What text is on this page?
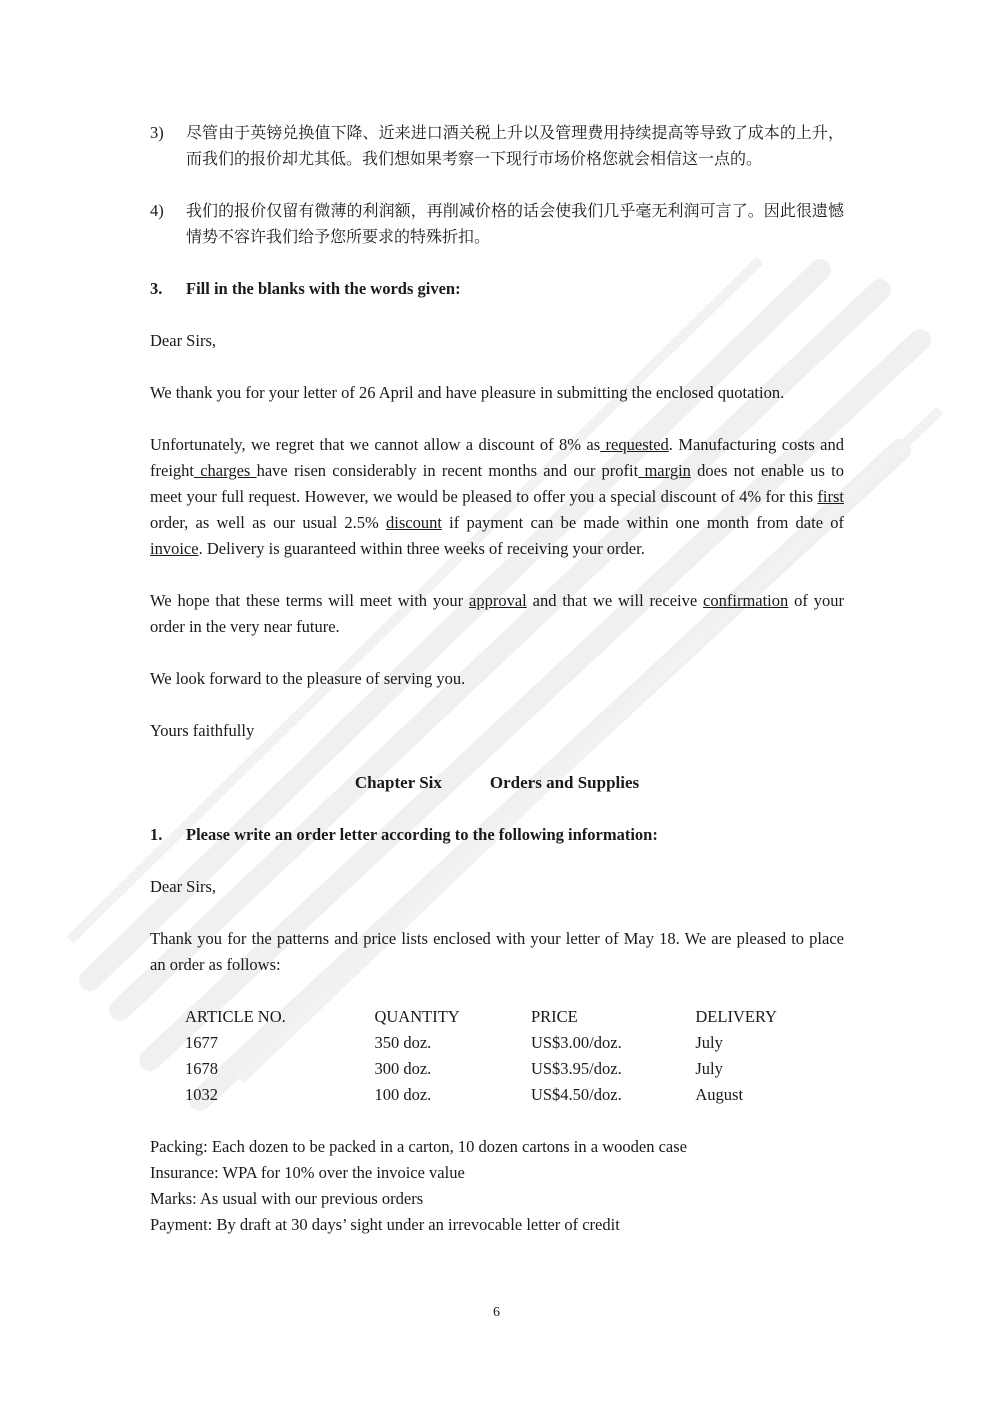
3)	尽管由于英镑兑换值下降、近来进口酒关税上升以及管理费用持续提高等导致了成本的上升，而我们的报价却尤其低。我们想如果考察一下现行市场价格您就会相信这一点的。
4)	我们的报价仅留有微薄的利润额，再削减价格的话会使我们几乎毫无利润可言了。因此很遗憾情势不容许我们给予您所要求的特殊折扣。
3.	Fill in the blanks with the words given:

Dear Sirs,

We thank you for your letter of 26 April and have pleasure in submitting the enclosed quotation.

Unfortunately, we regret that we cannot allow a discount of 8% as requested. Manufacturing costs and freight charges have risen considerably in recent months and our profit margin does not enable us to meet your full request. However, we would be pleased to offer you a special discount of 4% for this first order, as well as our usual 2.5% discount if payment can be made within one month from date of invoice. Delivery is guaranteed within three weeks of receiving your order.

We hope that these terms will meet with your approval and that we will receive confirmation of your order in the very near future.

We look forward to the pleasure of serving you.

Yours faithfully

Chapter Six	Orders and Supplies
1.	Please write an order letter according to the following information:

Dear Sirs,

Thank you for the patterns and price lists enclosed with your letter of May 18. We are pleased to place an order as follows:

ARTICLE NO.	QUANTITY	PRICE	DELIVERY
1677	350 doz.	US$3.00/doz.	July
1678	300 doz.	US$3.95/doz.	July
1032	100 doz.	US$4.50/doz.	August
Packing: Each dozen to be packed in a carton, 10 dozen cartons in a wooden case
Insurance: WPA for 10% over the invoice value
Marks: As usual with our previous orders
Payment: By draft at 30 days’ sight under an irrevocable letter of credit
6
